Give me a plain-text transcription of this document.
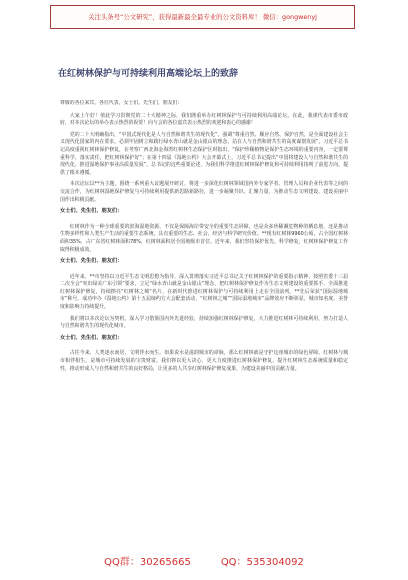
关注头条号“公文研究”，获得最新最全最专业的公文资料库！ 微信：gongwenyj
在红树林保护与可持续利用高端论坛上的致辞

尊敬的各位来宾、各位代表，女士们、先生们，朋友们：

大家上午好！值此学习贯彻党的二十大精神之际，我们隆重举办红树林保护与可持续利用高端论坛。在此，我谨代表市委市政府，对本次论坛的举办表示热烈的祝贺！向与会的各位嘉宾表示热烈的欢迎和衷心的感谢！

党的二十大明确指出，“中国式现代化是人与自然和谐共生的现代化”，强调“尊重自然、顺应自然、保护自然，是全面建设社会主义现代化国家的内在要求。必须牢固树立和践行绿水青山就是金山银山的理念，站在人与自然和谐共生的高度谋划发展”。习近平总书记高度重视红树林保护修复，在考察广西北海金海湾红树林生态保护区时指出，“保护珍稀植物是保护生态环境的重要内容，一定要尊重科学、落实责任，把红树林保护好”；在第十四届《湿地公约》大会开幕式上，习近平总书记提出“中国将建设人与自然和谐共生的现代化，推进湿地保护事业高质量发展”。总书记的这些重要论述，为我们科学推进红树林保护修复和可持续利用指明了前进方向、提供了根本遵循。

本次论坛以**为主题，围绕一系列重大议题展开研讨，将进一步深化红树林领域国内外专家学者、管理人员和企业代表等之间的交流合作，为红树林湿地保护修复与可持续利用提供新思路新路径，进一步凝聚共识、汇聚力量，为推动生态文明建设、建设美丽中国作出积极贡献。

女士们、先生们、朋友们：

红树林作为一种全球重要的滨海湿地资源，不仅是保障海岸带安全的重要生态屏障，也是众多珍稀濒危物种的栖息地，还是推动生物多样性和人类生产生活的重要生态系统，具有重要的生态、社会、经济与科学研究价值。**现有红树林9960公顷，占全国红树林面积35%，占广东省红树林面积78%，红树林面积居全国地级市首位。近年来，我们坚持保护优先、科学修复，红树林保护修复工作取得积极成效。

女士们、先生们、朋友们：

近年来，**市坚持以习近平生态文明思想为指导，深入贯彻落实习近平总书记关于红树林保护的重要指示精神，按照省委十三届二次全会“突出绿美广东引领”要求，立足“绿水青山就是金山银山”理念，把红树林保护修复作为生态文明建设的重要抓手，全面推进红树林保护修复，持续擦亮“红树林之城”名片，在新时代推进红树林保护与可持续利用上走在全国前列。**先后荣获“国际湿地城市”称号，成功申办《湿地公约》第十五届缔约方大会配套活动，“红树林之城”“国际湿地城市”品牌效应不断彰显，城市知名度、美誉度和影响力持续提升。

我们将以本次论坛为契机，深入学习借鉴国内外先进经验，持续加强红树林保护修复，大力推进红树林可持续利用，努力打造人与自然和谐共生的现代化城市。

女士们、先生们、朋友们：

古往今来，人类逐水而居，文明伴水而生。如果说水是滋润城市的命脉，那么红树林就是守护这座城市的绿色屏障。红树林与城市相伴相生，是城市可持续发展的宝贵财富。我们将以更大决心、更大力度推进红树林保护修复，提升红树林生态系统质量和稳定性，推动形成人与自然和谐共生的良好格局，让更多的人共享红树林保护修复成果，为建设美丽中国贡献力量。

QQ群：30265665	QQ：535304092
